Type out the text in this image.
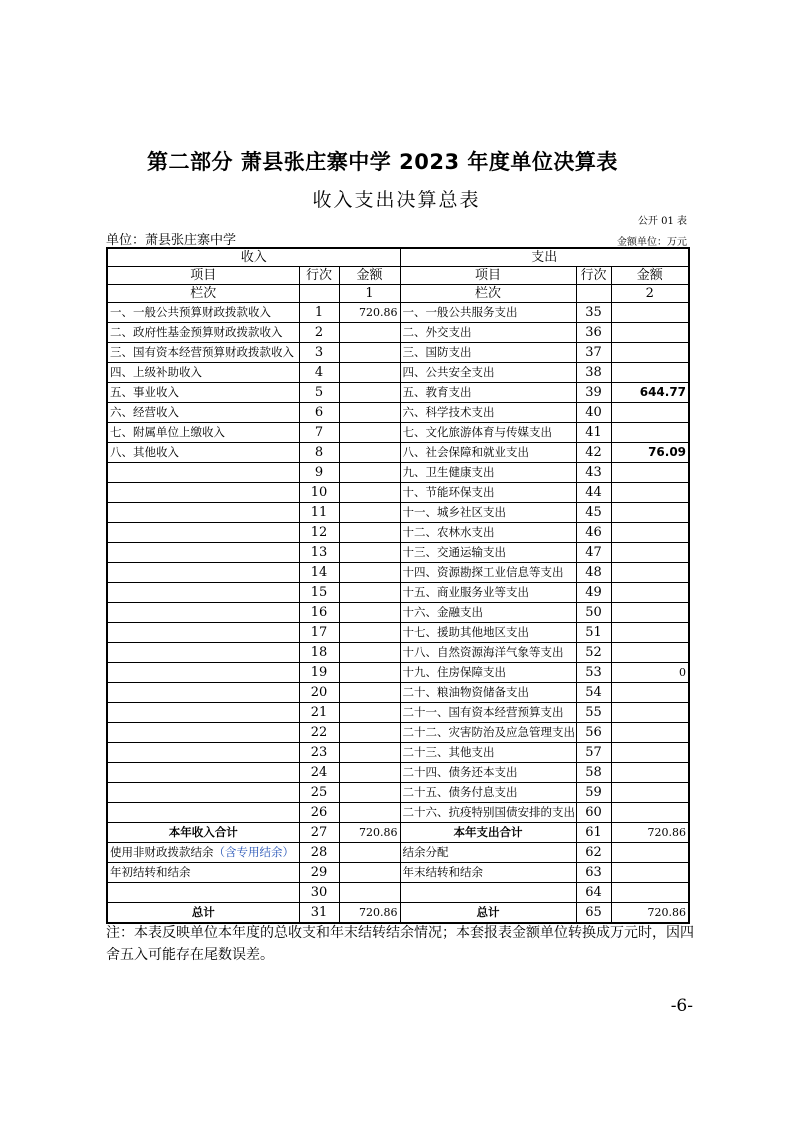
第二部分 萧县张庄寨中学 2023 年度单位决算表
收入支出决算总表
公开 01 表
单位：萧县张庄寨中学	金额单位：万元
收入			支出		
项目	行次	金额	项目	行次	金额
栏次		1	栏次		2
一、一般公共预算财政拨款收入	1	720.86	一、一般公共服务支出	35	
二、政府性基金预算财政拨款收入	2		二、外交支出	36	
三、国有资本经营预算财政拨款收入	3		三、国防支出	37	
四、上级补助收入	4		四、公共安全支出	38	
五、事业收入	5		五、教育支出	39	644.77
六、经营收入	6		六、科学技术支出	40	
七、附属单位上缴收入	7		七、文化旅游体育与传媒支出	41	
八、其他收入	8		八、社会保障和就业支出	42	76.09
	9		九、卫生健康支出	43	
	10		十、节能环保支出	44	
	11		十一、城乡社区支出	45	
	12		十二、农林水支出	46	
	13		十三、交通运输支出	47	
	14		十四、资源勘探工业信息等支出	48	
	15		十五、商业服务业等支出	49	
	16		十六、金融支出	50	
	17		十七、援助其他地区支出	51	
	18		十八、自然资源海洋气象等支出	52	
	19		十九、住房保障支出	53	0
	20		二十、粮油物资储备支出	54	
	21		二十一、国有资本经营预算支出	55	
	22		二十二、灾害防治及应急管理支出	56	
	23		二十三、其他支出	57	
	24		二十四、债务还本支出	58	
	25		二十五、债务付息支出	59	
	26		二十六、抗疫特别国债安排的支出	60	
本年收入合计	27	720.86	本年支出合计	61	720.86
使用非财政拨款结余（含专用结余）	28		结余分配	62	
年初结转和结余	29		年末结转和结余	63	
	30			64	
总计	31	720.86	总计	65	720.86
注：本表反映单位本年度的总收支和年末结转结余情况；本套报表金额单位转换成万元时，因四舍五入可能存在尾数误差。
-6-
